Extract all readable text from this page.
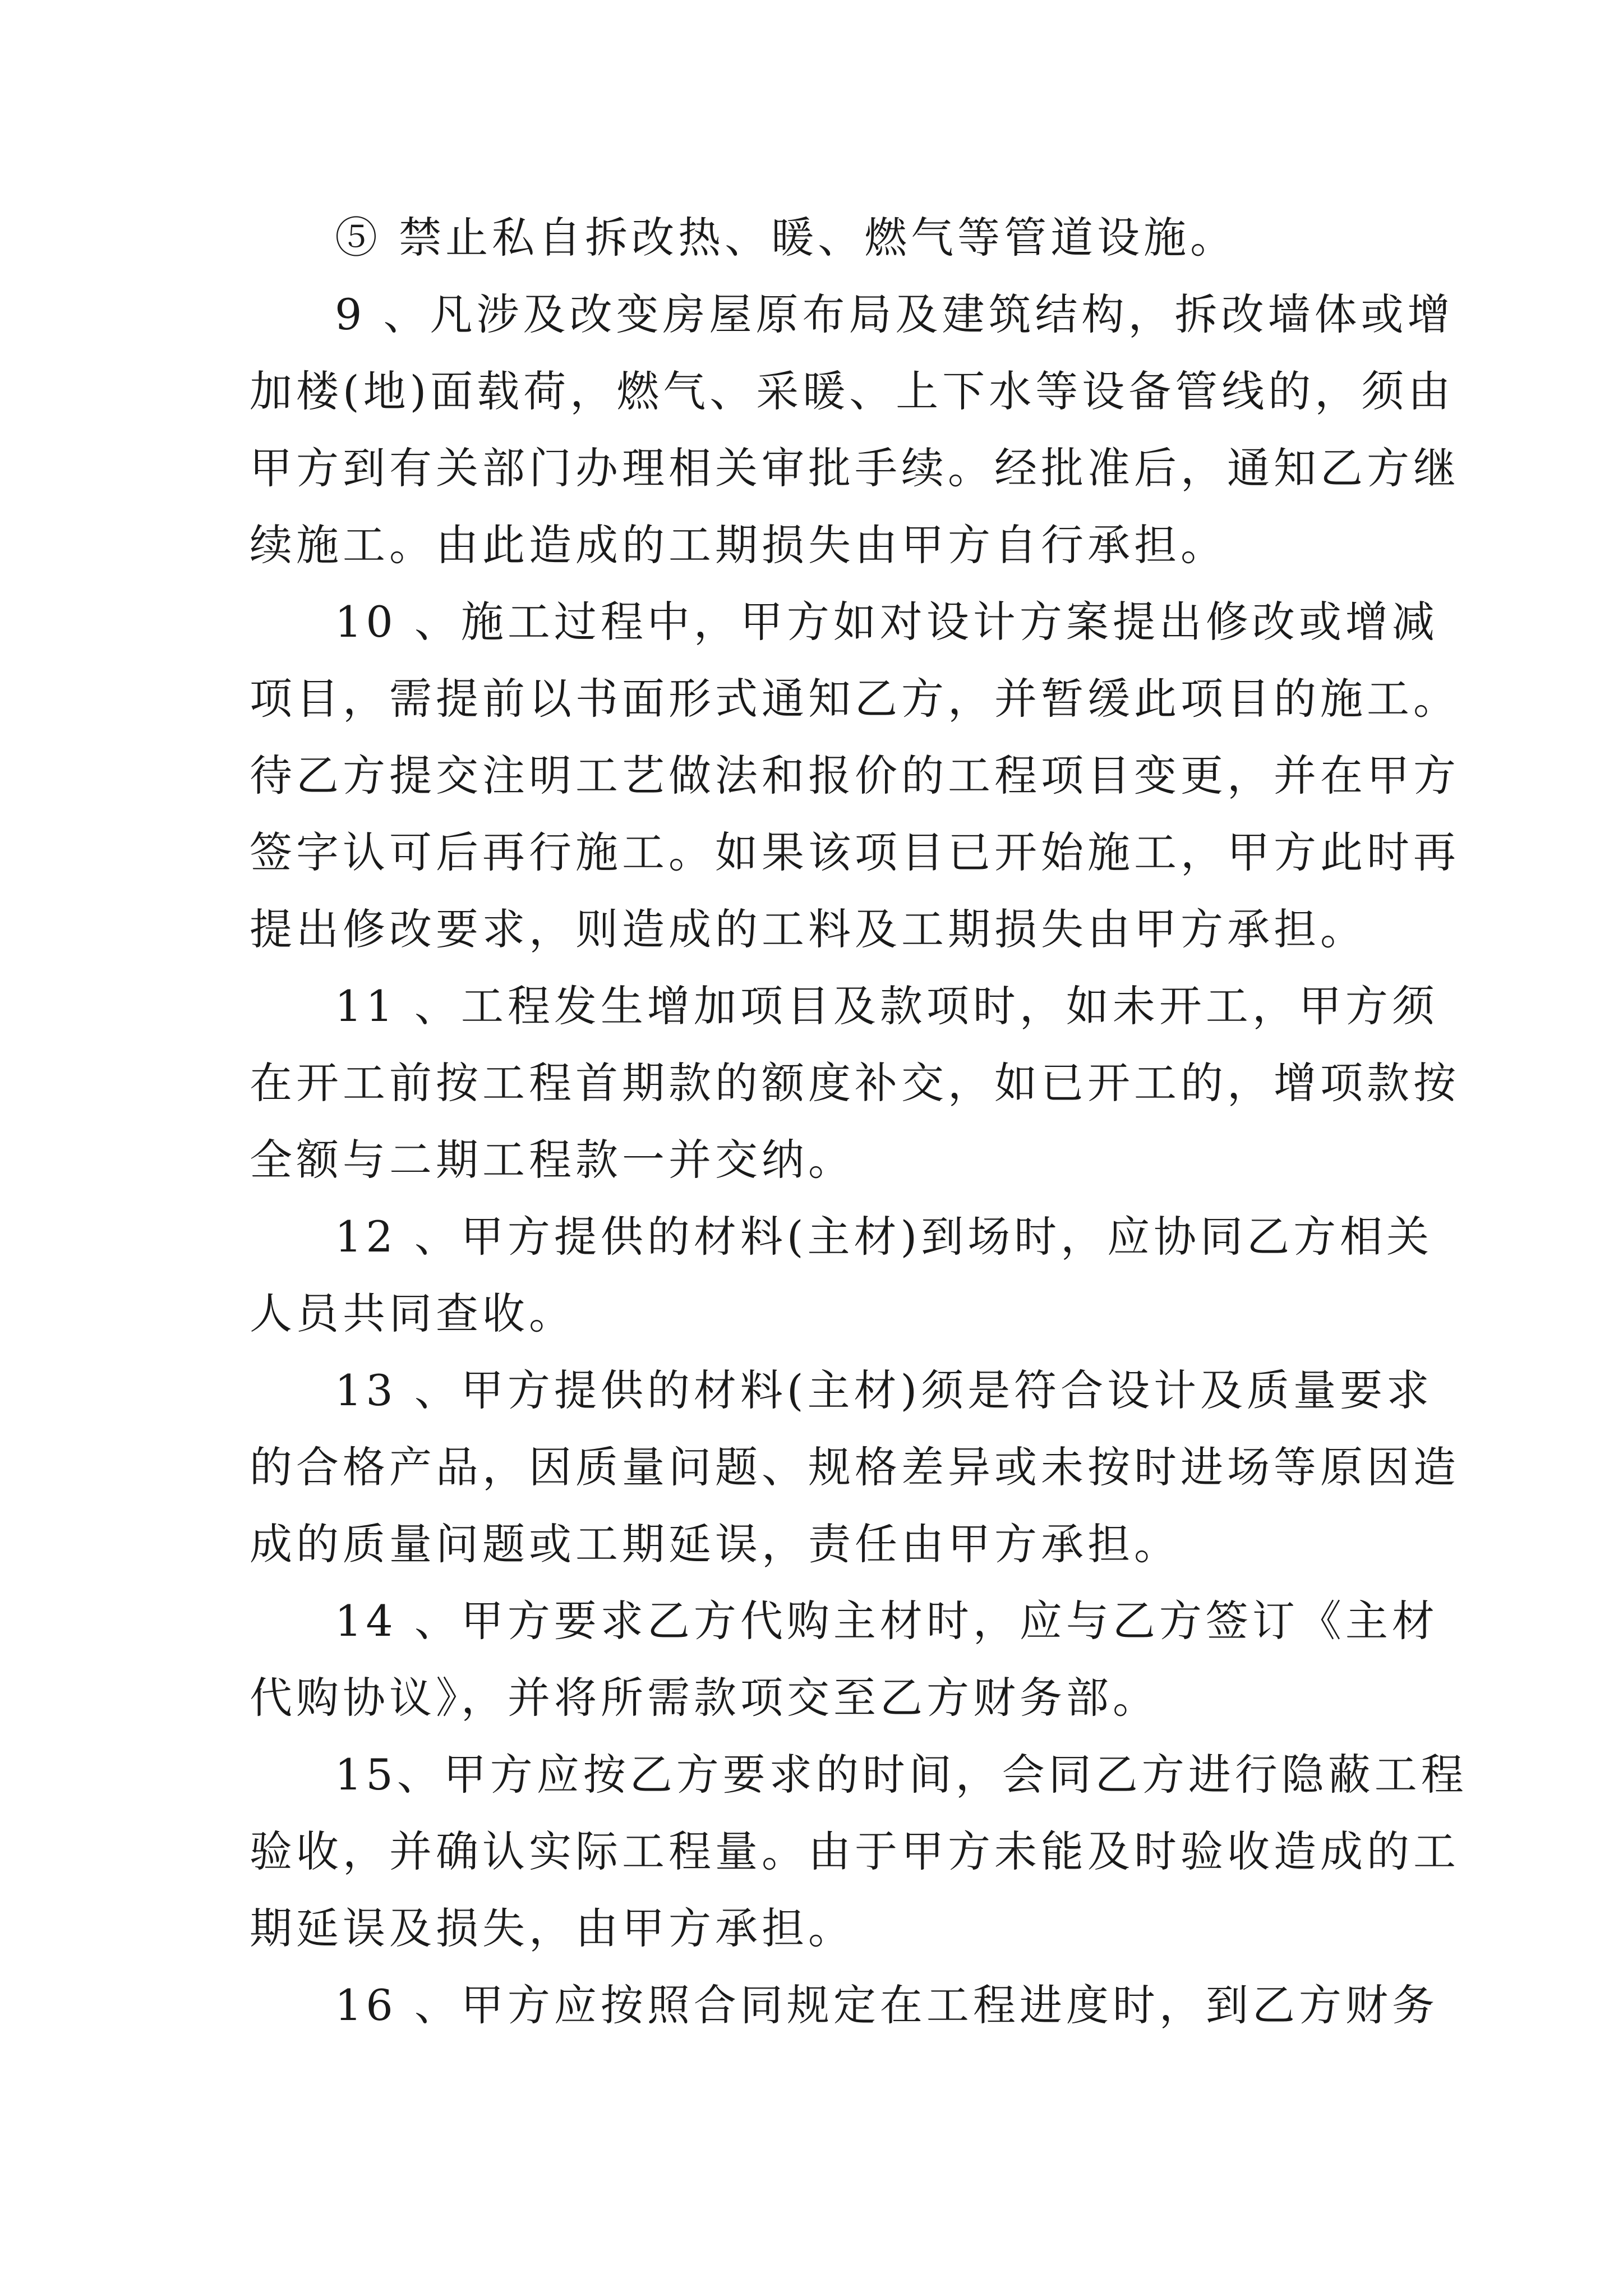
⑤ 禁止私自拆改热、暖、燃气等管道设施。
9 、凡涉及改变房屋原布局及建筑结构，拆改墙体或增
加楼(地)面载荷，燃气、采暖、上下水等设备管线的，须由
甲方到有关部门办理相关审批手续。经批准后，通知乙方继
续施工。由此造成的工期损失由甲方自行承担。
10 、施工过程中，甲方如对设计方案提出修改或增减
项目，需提前以书面形式通知乙方，并暂缓此项目的施工。
待乙方提交注明工艺做法和报价的工程项目变更，并在甲方
签字认可后再行施工。如果该项目已开始施工，甲方此时再
提出修改要求，则造成的工料及工期损失由甲方承担。
11 、工程发生增加项目及款项时，如未开工，甲方须
在开工前按工程首期款的额度补交，如已开工的，增项款按
全额与二期工程款一并交纳。
12 、甲方提供的材料(主材)到场时，应协同乙方相关
人员共同查收。
13 、甲方提供的材料(主材)须是符合设计及质量要求
的合格产品，因质量问题、规格差异或未按时进场等原因造
成的质量问题或工期延误，责任由甲方承担。
14 、甲方要求乙方代购主材时，应与乙方签订《主材
代购协议》，并将所需款项交至乙方财务部。
15、甲方应按乙方要求的时间，会同乙方进行隐蔽工程
验收，并确认实际工程量。由于甲方未能及时验收造成的工
期延误及损失，由甲方承担。
16 、甲方应按照合同规定在工程进度时，到乙方财务
